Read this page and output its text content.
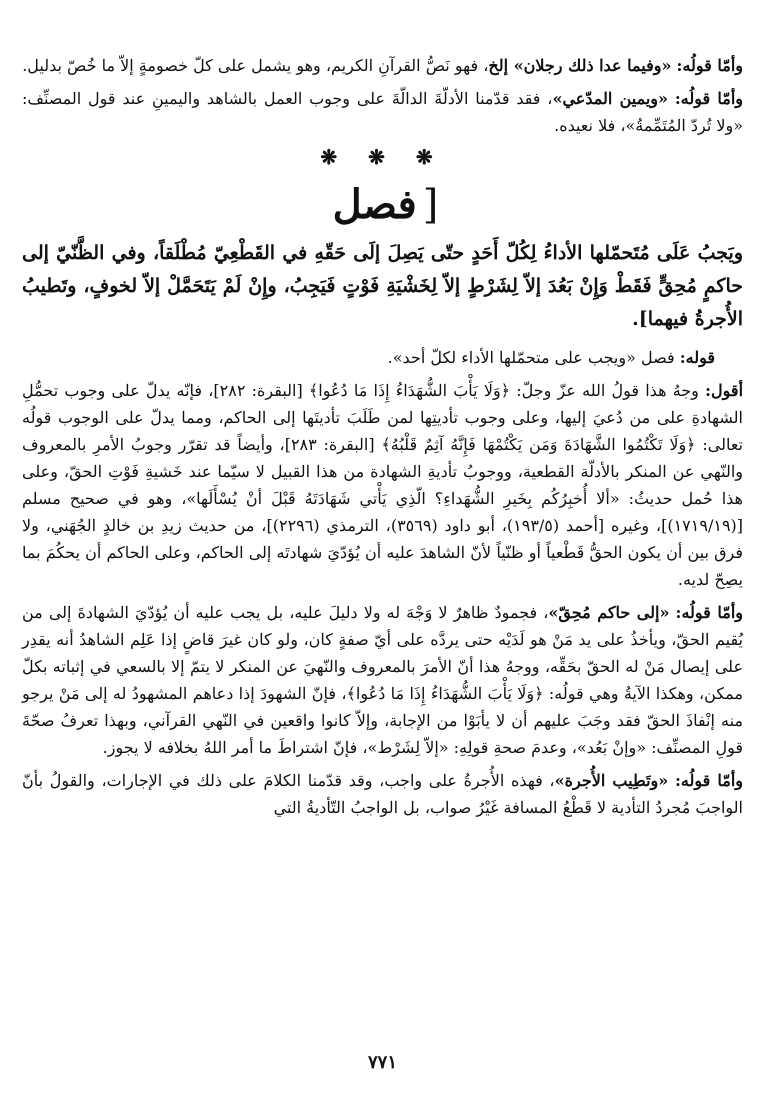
وأمّا قولُه: «وفيما عدا ذلك رجلان» إلخ، فهو نَصُّ القرآنِ الكريم، وهو يشمل على كلّ خصومةٍ إلاّ ما خُصّ بدليل.

وأمّا قولُه: «ويمين المدّعي»، فقد قدّمنا الأدلّةَ الدالّةَ على وجوب العمل بالشاهد واليمينِ عند قول المصنِّف: «ولا تُردّ المُتَمِّمةُ»، فلا نعيده.

❋ ❋ ❋
[فصل

ويَجبُ عَلَى مُتَحمّلها الأداءُ لِكُلّ أَحَدٍ حتّى يَصِلَ إلَى حَقّهِ في القَطْعِيّ مُطْلَقاً، وفي الظَّنّيّ إلى حاكمٍ مُحِقٍّ فَقَطْ وَإِنْ بَعُدَ إلاّ لِشَرْطٍ إلاّ لِخَشْيَةِ فَوْتٍ فَيَجِبُ، وإِنْ لَمْ يَتَحَمَّلْ إلاّ لخوفٍ، وتَطيبُ الأُجرةُ فيهما].

قوله: فصل «ويجب على متحمّلها الأداء لكلّ أحد».

أقول: وجهُ هذا قولُ الله عزّ وجلّ: ﴿وَلَا يَأْبَ الشُّهَدَاءُ إِذَا مَا دُعُوا﴾ [البقرة: ٢٨٢]، فإنّه يدلّ على وجوب تحمُّلِ الشهادةِ على من دُعيَ إليها، وعلى وجوب تأديتِها لمن طَلَبَ تأديتَها إلى الحاكم، ومما يدلّ على الوجوب قولُه تعالى: ﴿وَلَا تَكْتُمُوا الشَّهَادَةَ وَمَن يَكْتُمْهَا فَإِنَّهُ آثِمٌ قَلْبُهُ﴾ [البقرة: ٢٨٣]، وأيضاً قد تقرّر وجوبُ الأمرِ بالمعروف والنّهي عن المنكر بالأدلّة القطعية، ووجوبُ تأديةِ الشهادة من هذا القبيل لا سيّما عند خَشيةِ فَوْتِ الحقّ، وعلى هذا حُمل حديثُ: «ألا أُخبِرُكُم بِخَيرِ الشُّهَداءِ؟ الّذِي يَأْتي شَهَادَتَهُ قَبْلَ أنْ يُسْأَلَها»، وهو في صحيح مسلم [(١٧١٩/١٩)]، وغيره [أحمد (١٩٣/٥)، أبو داود (٣٥٦٩)، الترمذي (٢٢٩٦)]، من حديث زيدِ بن خالدٍ الجُهَني، ولا فرق بين أن يكون الحقُّ قَطْعياً أو ظنّياً لأنّ الشاهدَ عليه أن يُؤدّيَ شهادتَه إلى الحاكم، وعلى الحاكم أن يحكُمَ بما يصِحّ لديه.

وأمّا قولُه: «إلى حاكم مُحِقّ»، فجمودٌ ظاهرٌ لا وَجْهَ له ولا دليلَ عليه، بل يجب عليه أن يُؤدّيَ الشهادةَ إلى من يُقيم الحقّ، ويأخذُ على يد مَنْ هو لَدَيْه حتى يردَّه على أيّ صفةٍ كان، ولو كان غيرَ قاضٍ إذا عَلِم الشاهدُ أنه يقدِر على إيصال مَنْ له الحقّ بحَقِّه، ووجهُ هذا أنّ الأمرَ بالمعروف والنّهيَ عن المنكر لا يتمّ إلا بالسعي في إثباته بكلّ ممكن، وهكذا الآيةُ وهي قولُه: ﴿وَلَا يَأْبَ الشُّهَدَاءُ إِذَا مَا دُعُوا﴾، فإنّ الشهودَ إذا دعاهم المشهودُ له إلى مَنْ يرجو منه إنْفاذَ الحقّ فقد وجَبَ عليهم أن لا يأبَوْا من الإجابة، وإلاّ كانوا واقعين في النّهي القرآني، وبهذا تعرفُ صحّةَ قولِ المصنِّف: «وإنْ بَعُد»، وعدمَ صحةِ قولِهِ: «إلاّ لِشَرْط»، فإنّ اشتراطَ ما أمر اللهُ بخلافه لا يجوز.

وأمّا قولُه: «وتَطِيب الأُجرة»، فهذه الأُجرةُ على واجب، وقد قدّمنا الكلامَ على ذلك في الإجارات، والقولُ بأنّ الواجبَ مُجردُ التأدية لا قَطْعُ المسافة غَيْرُ صواب، بل الواجبُ التّأديةُ التي

٧٧١
